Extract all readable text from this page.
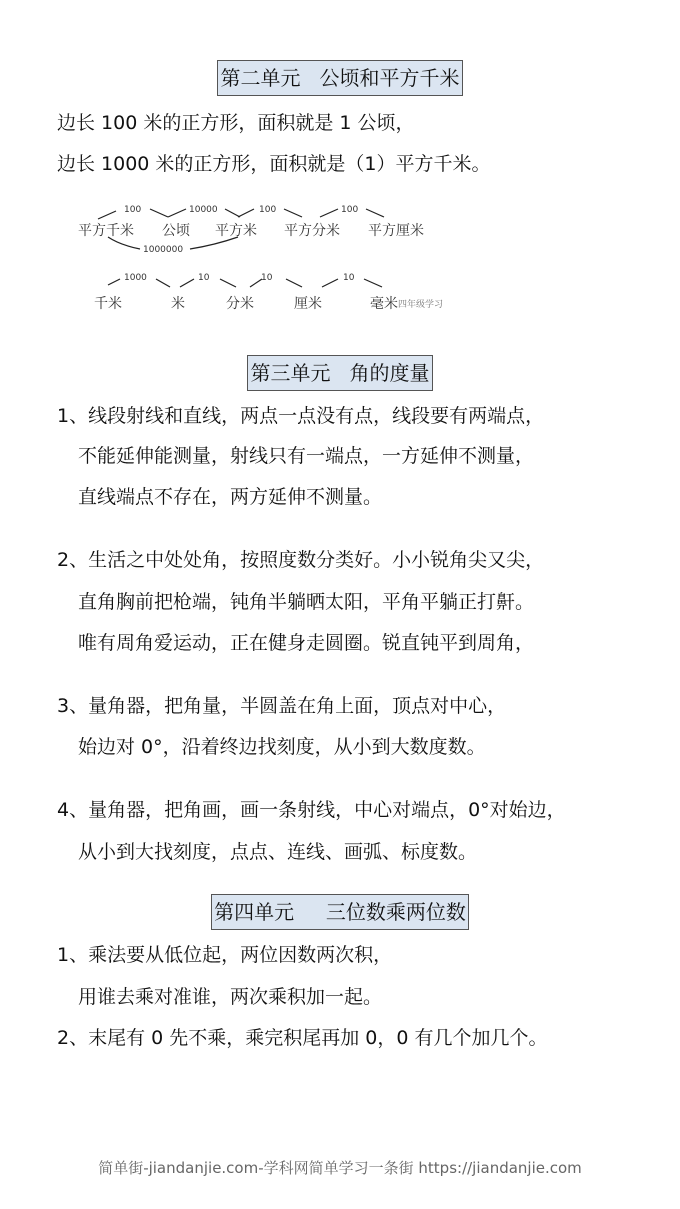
第二单元   公顷和平方千米
边长 100 米的正方形，面积就是 1 公顷，
边长 1000 米的正方形，面积就是（1）平方千米。
平方千米 公顷 平方米 平方分米 平方厘米
100	10000	100	100
1000000
千米	米	分米	厘米	毫米
1000	10	10	10
四年级学习
第三单元   角的度量
1、线段射线和直线，两点一点没有点，线段要有两端点，
不能延伸能测量，射线只有一端点，一方延伸不测量，
直线端点不存在，两方延伸不测量。
2、生活之中处处角，按照度数分类好。小小锐角尖又尖，
直角胸前把枪端，钝角半躺晒太阳，平角平躺正打鼾。
唯有周角爱运动，正在健身走圆圈。锐直钝平到周角，
3、量角器，把角量，半圆盖在角上面，顶点对中心，
始边对 0°，沿着终边找刻度，从小到大数度数。
4、量角器，把角画，画一条射线，中心对端点，0°对始边，
从小到大找刻度，点点、连线、画弧、标度数。
第四单元     三位数乘两位数
1、乘法要从低位起，两位因数两次积，
用谁去乘对准谁，两次乘积加一起。
2、末尾有 0 先不乘，乘完积尾再加 0，0 有几个加几个。
简单街-jiandanjie.com-学科网简单学习一条街 https://jiandanjie.com
